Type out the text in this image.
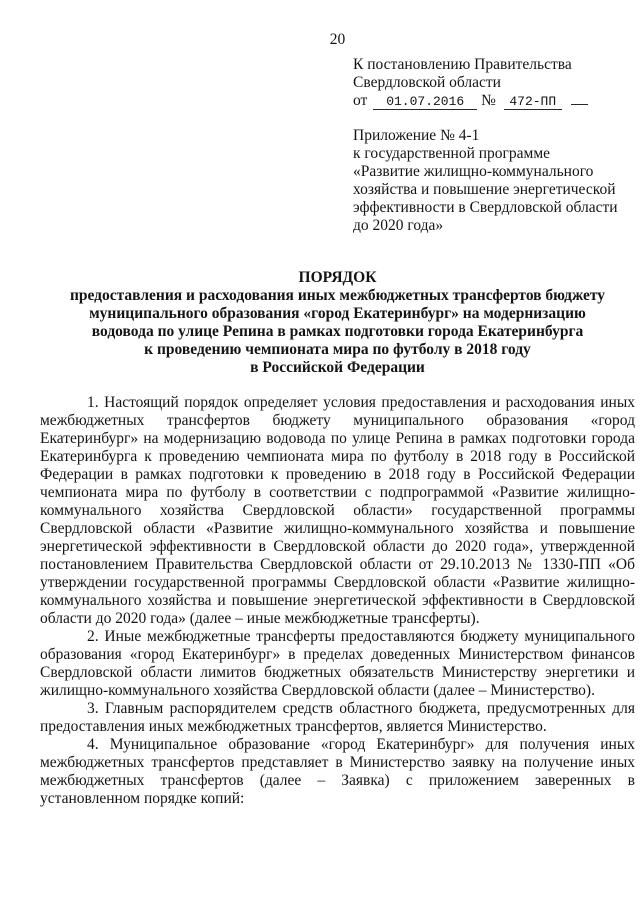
20
К постановлению Правительства
Свердловской области
от 01.07.2016 № 472-ПП
Приложение № 4-1
к государственной программе
«Развитие жилищно-коммунального
хозяйства и повышение энергетической
эффективности в Свердловской области
до 2020 года»
ПОРЯДОК
предоставления и расходования иных межбюджетных трансфертов бюджету
муниципального образования «город Екатеринбург» на модернизацию
водовода по улице Репина в рамках подготовки города Екатеринбурга
к проведению чемпионата мира по футболу в 2018 году
в Российской Федерации

1. Настоящий порядок определяет условия предоставления и расходования иных межбюджетных трансфертов бюджету муниципального образования «город Екатеринбург» на модернизацию водовода по улице Репина в рамках подготовки города Екатеринбурга к проведению чемпионата мира по футболу в 2018 году в Российской Федерации в рамках подготовки к проведению в 2018 году в Российской Федерации чемпионата мира по футболу в соответствии с подпрограммой «Развитие жилищно-коммунального хозяйства Свердловской области» государственной программы Свердловской области «Развитие жилищно-коммунального хозяйства и повышение энергетической эффективности в Свердловской области до 2020 года», утвержденной постановлением Правительства Свердловской области от 29.10.2013 № 1330-ПП «Об утверждении государственной программы Свердловской области «Развитие жилищно-коммунального хозяйства и повышение энергетической эффективности в Свердловской области до 2020 года» (далее – иные межбюджетные трансферты).

2. Иные межбюджетные трансферты предоставляются бюджету муниципального образования «город Екатеринбург» в пределах доведенных Министерством финансов Свердловской области лимитов бюджетных обязательств Министерству энергетики и жилищно-коммунального хозяйства Свердловской области (далее – Министерство).

3. Главным распорядителем средств областного бюджета, предусмотренных для предоставления иных межбюджетных трансфертов, является Министерство.

4. Муниципальное образование «город Екатеринбург» для получения иных межбюджетных трансфертов представляет в Министерство заявку на получение иных межбюджетных трансфертов (далее – Заявка) с приложением заверенных в установленном порядке копий:
